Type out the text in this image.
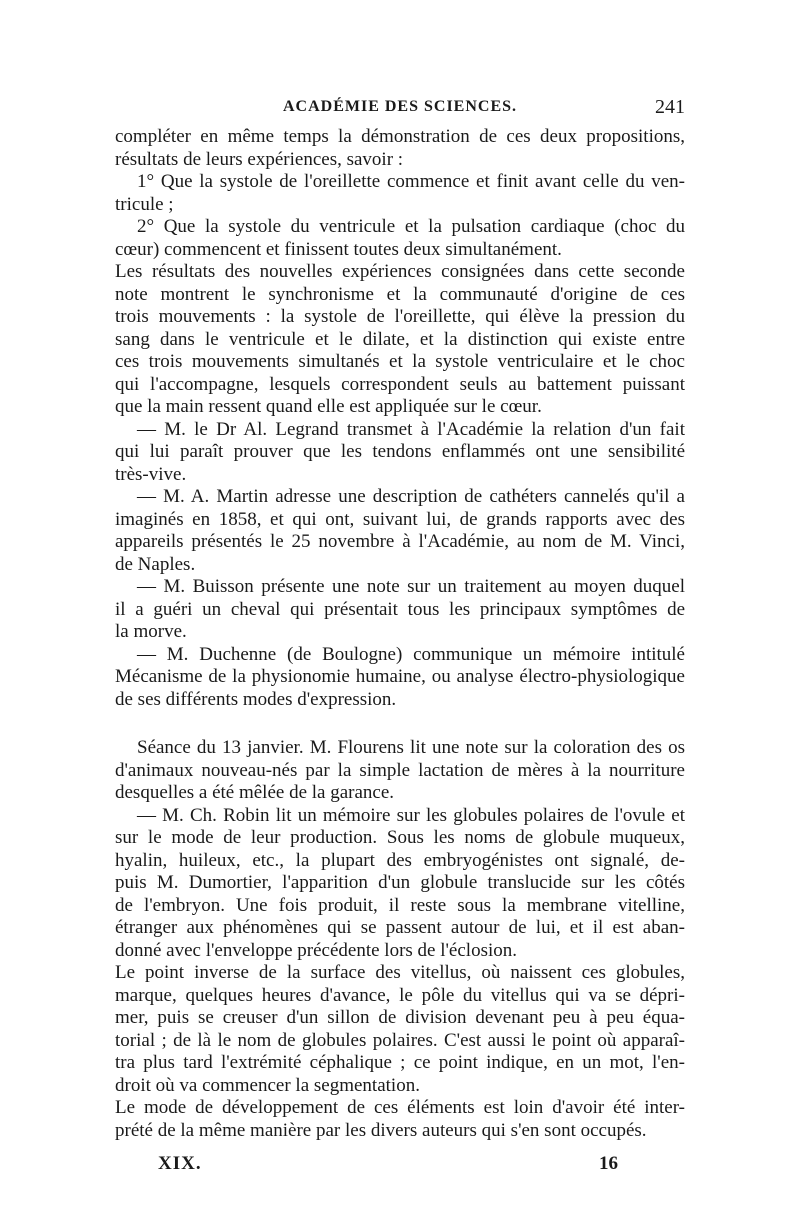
ACADÉMIE DES SCIENCES.	241
compléter en même temps la démonstration de ces deux propositions,
résultats de leurs expériences, savoir :
1° Que la systole de l'oreillette commence et finit avant celle du ven-
tricule ;
2° Que la systole du ventricule et la pulsation cardiaque (choc du
cœur) commencent et finissent toutes deux simultanément.
Les résultats des nouvelles expériences consignées dans cette seconde
note montrent le synchronisme et la communauté d'origine de ces
trois mouvements : la systole de l'oreillette, qui élève la pression du
sang dans le ventricule et le dilate, et la distinction qui existe entre
ces trois mouvements simultanés et la systole ventriculaire et le choc
qui l'accompagne, lesquels correspondent seuls au battement puissant
que la main ressent quand elle est appliquée sur le cœur.
— M. le Dr Al. Legrand transmet à l'Académie la relation d'un fait
qui lui paraît prouver que les tendons enflammés ont une sensibilité
très-vive.
— M. A. Martin adresse une description de cathéters cannelés qu'il a
imaginés en 1858, et qui ont, suivant lui, de grands rapports avec des
appareils présentés le 25 novembre à l'Académie, au nom de M. Vinci,
de Naples.
— M. Buisson présente une note sur un traitement au moyen duquel
il a guéri un cheval qui présentait tous les principaux symptômes de
la morve.
— M. Duchenne (de Boulogne) communique un mémoire intitulé
Mécanisme de la physionomie humaine, ou analyse électro-physiologique
de ses différents modes d'expression.
Séance du 13 janvier. M. Flourens lit une note sur la coloration des os
d'animaux nouveau-nés par la simple lactation de mères à la nourriture
desquelles a été mêlée de la garance.
— M. Ch. Robin lit un mémoire sur les globules polaires de l'ovule et
sur le mode de leur production. Sous les noms de globule muqueux,
hyalin, huileux, etc., la plupart des embryogénistes ont signalé, de-
puis M. Dumortier, l'apparition d'un globule translucide sur les côtés
de l'embryon. Une fois produit, il reste sous la membrane vitelline,
étranger aux phénomènes qui se passent autour de lui, et il est aban-
donné avec l'enveloppe précédente lors de l'éclosion.
Le point inverse de la surface des vitellus, où naissent ces globules,
marque, quelques heures d'avance, le pôle du vitellus qui va se dépri-
mer, puis se creuser d'un sillon de division devenant peu à peu équa-
torial ; de là le nom de globules polaires. C'est aussi le point où apparaî-
tra plus tard l'extrémité céphalique ; ce point indique, en un mot, l'en-
droit où va commencer la segmentation.
Le mode de développement de ces éléments est loin d'avoir été inter-
prété de la même manière par les divers auteurs qui s'en sont occupés.
XIX.	16
